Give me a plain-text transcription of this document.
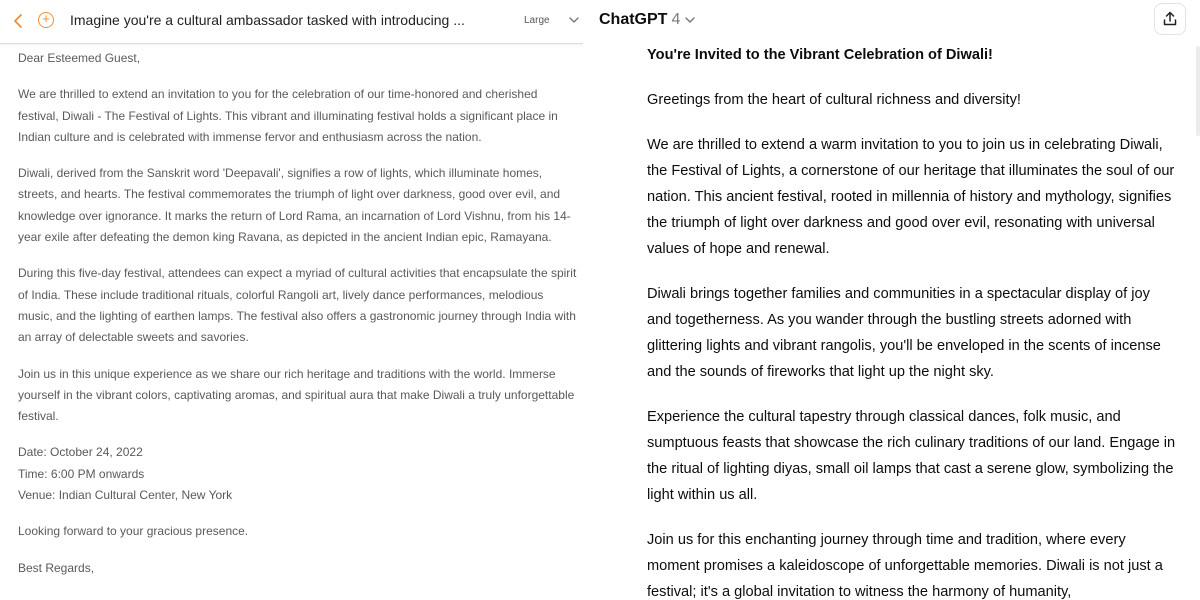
+	Imagine you're a cultural ambassador tasked with introducing ...	Large

Dear Esteemed Guest,

We are thrilled to extend an invitation to you for the celebration of our time-honored and cherished festival, Diwali - The Festival of Lights. This vibrant and illuminating festival holds a significant place in Indian culture and is celebrated with immense fervor and enthusiasm across the nation.

Diwali, derived from the Sanskrit word 'Deepavali', signifies a row of lights, which illuminate homes, streets, and hearts. The festival commemorates the triumph of light over darkness, good over evil, and knowledge over ignorance. It marks the return of Lord Rama, an incarnation of Lord Vishnu, from his 14-year exile after defeating the demon king Ravana, as depicted in the ancient Indian epic, Ramayana.

During this five-day festival, attendees can expect a myriad of cultural activities that encapsulate the spirit of India. These include traditional rituals, colorful Rangoli art, lively dance performances, melodious music, and the lighting of earthen lamps. The festival also offers a gastronomic journey through India with an array of delectable sweets and savories.

Join us in this unique experience as we share our rich heritage and traditions with the world. Immerse yourself in the vibrant colors, captivating aromas, and spiritual aura that make Diwali a truly unforgettable festival.

Date: October 24, 2022

Time: 6:00 PM onwards

Venue: Indian Cultural Center, New York

Looking forward to your gracious presence.

Best Regards,

ChatGPT 4
You're Invited to the Vibrant Celebration of Diwali!

Greetings from the heart of cultural richness and diversity!

We are thrilled to extend a warm invitation to you to join us in celebrating Diwali, the Festival of Lights, a cornerstone of our heritage that illuminates the soul of our nation. This ancient festival, rooted in millennia of history and mythology, signifies the triumph of light over darkness and good over evil, resonating with universal values of hope and renewal.

Diwali brings together families and communities in a spectacular display of joy and togetherness. As you wander through the bustling streets adorned with glittering lights and vibrant rangolis, you'll be enveloped in the scents of incense and the sounds of fireworks that light up the night sky.

Experience the cultural tapestry through classical dances, folk music, and sumptuous feasts that showcase the rich culinary traditions of our land. Engage in the ritual of lighting diyas, small oil lamps that cast a serene glow, symbolizing the light within us all.

Join us for this enchanting journey through time and tradition, where every moment promises a kaleidoscope of unforgettable memories. Diwali is not just a festival; it's a global invitation to witness the harmony of humanity,
